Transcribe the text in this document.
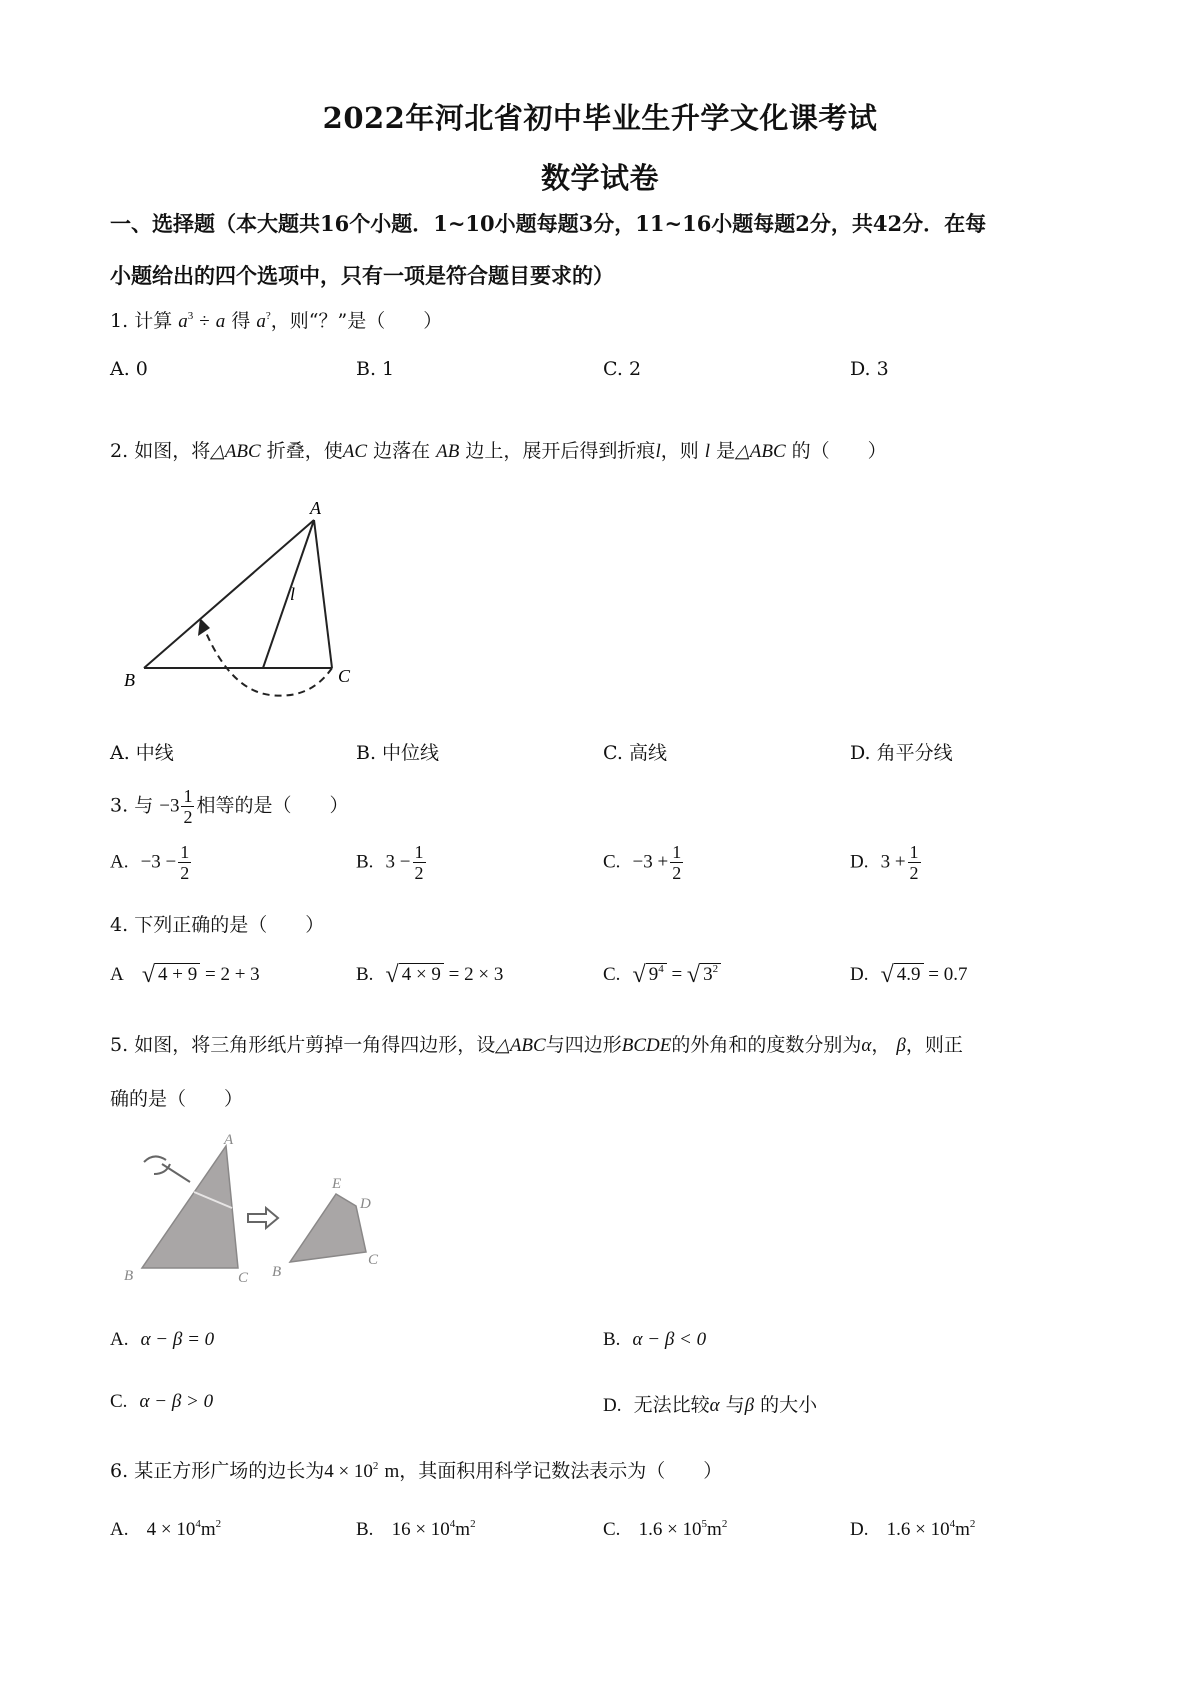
2022年河北省初中毕业生升学文化课考试
数学试卷
一、选择题（本大题共16个小题．1~10小题每题3分，11~16小题每题2分，共42分．在每
小题给出的四个选项中，只有一项是符合题目要求的）
1. 计算 $a^3 \div a$ 得 a?，则“？”是（　　）
A. 0	B. 1	C. 2	D. 3
2. 如图，将△ABC 折叠，使AC 边落在 AB 边上，展开后得到折痕l，则 l 是△ABC 的（　　）
A
B	C
l
A. 中线	B. 中位线	C. 高线	D. 角平分线
3. 与 $-3 \frac{1}{2}$ 相等的是（　　）
A. $-3 - \frac{1}{2}$	B. $3 - \frac{1}{2}$	C. $-3 + \frac{1}{2}$	D. $3 + \frac{1}{2}$
4. 下列正确的是（　　）
A √ 4 + 9 = 2 + 3	B. √ 4 × 9 = 2 × 3	C. √ $9^4$ = √ $3^2$	D. √ 4.9 = 0.7
5. 如图，将三角形纸片剪掉一角得四边形，设△ABC与四边形BCDE的外角和的度数分别为α， β，则正
确的是（　　）
A
B	C B
C
D
E
A. α − β = 0	B. α − β < 0
C. α − β > 0	D. 无法比较α 与β 的大小
6. 某正方形广场的边长为$4 \times 10^2$ m，其面积用科学记数法表示为（　　）
A. $4 \times 10^4m^2$	B. $16 \times 10^4m^2$	C. $1.6 \times 10^5m^2$	D. $1.6 \times 10^4m^2$
